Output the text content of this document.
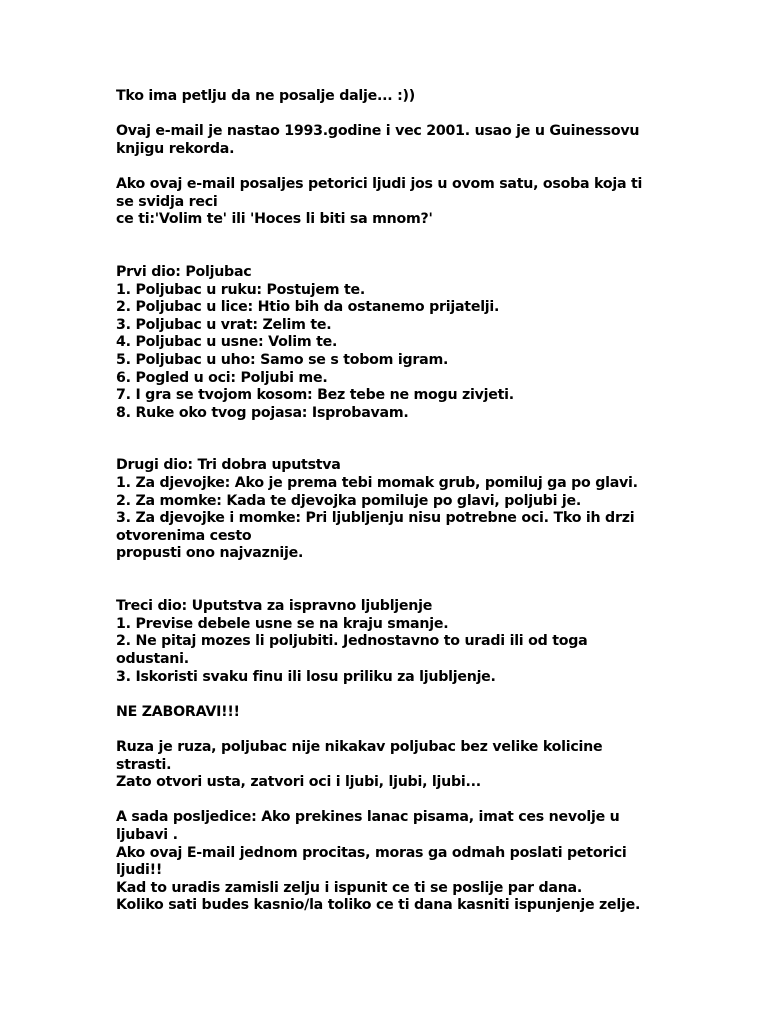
Tko ima petlju da ne posalje dalje... :))
Ovaj e-mail je nastao 1993.godine i vec 2001. usao je u Guinessovu
knjigu rekorda.
Ako ovaj e-mail posaljes petorici ljudi jos u ovom satu, osoba koja ti
se svidja reci
ce ti:'Volim te' ili 'Hoces li biti sa mnom?'
Prvi dio: Poljubac
1. Poljubac u ruku: Postujem te.
2. Poljubac u lice: Htio bih da ostanemo prijatelji.
3. Poljubac u vrat: Zelim te.
4. Poljubac u usne: Volim te.
5. Poljubac u uho: Samo se s tobom igram.
6. Pogled u oci: Poljubi me.
7. I gra se tvojom kosom: Bez tebe ne mogu zivjeti.
8. Ruke oko tvog pojasa: Isprobavam.
Drugi dio: Tri dobra uputstva
1. Za djevojke: Ako je prema tebi momak grub, pomiluj ga po glavi.
2. Za momke: Kada te djevojka pomiluje po glavi, poljubi je.
3. Za djevojke i momke: Pri ljubljenju nisu potrebne oci. Tko ih drzi
otvorenima cesto
propusti ono najvaznije.
Treci dio: Uputstva za ispravno ljubljenje
1. Previse debele usne se na kraju smanje.
2. Ne pitaj mozes li poljubiti. Jednostavno to uradi ili od toga
odustani.
3. Iskoristi svaku finu ili losu priliku za ljubljenje.
NE ZABORAVI!!!
Ruza je ruza, poljubac nije nikakav poljubac bez velike kolicine
strasti.
Zato otvori usta, zatvori oci i ljubi, ljubi, ljubi...
A sada posljedice: Ako prekines lanac pisama, imat ces nevolje u
ljubavi .
Ako ovaj E-mail jednom procitas, moras ga odmah poslati petorici
ljudi!!
Kad to uradis zamisli zelju i ispunit ce ti se poslije par dana.
Koliko sati budes kasnio/la toliko ce ti dana kasniti ispunjenje zelje.
